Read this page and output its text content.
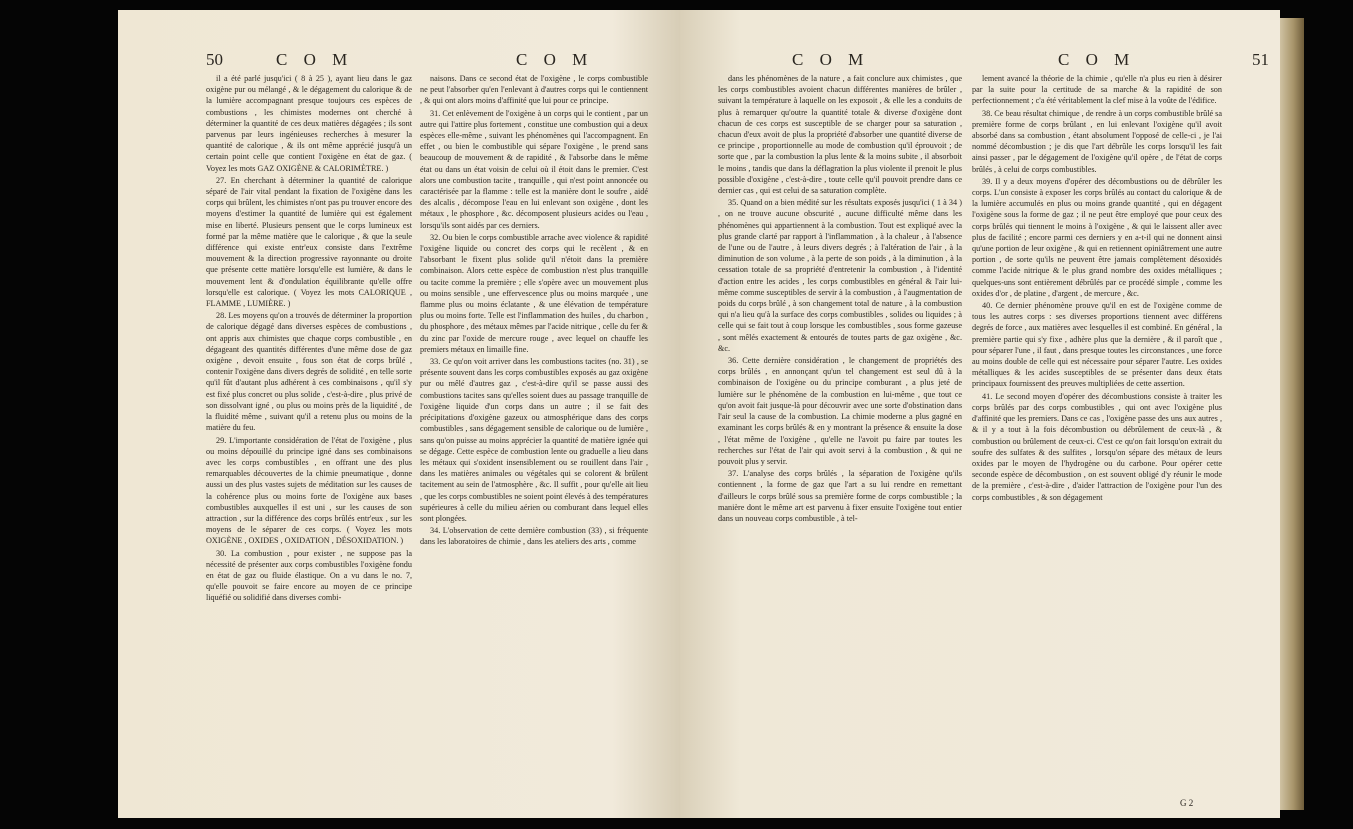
50	C O M	C O M

il a été parlé jusqu'ici ( 8 à 25 ), ayant lieu dans le gaz oxigène pur ou mélangé , & le dégagement du calorique & de la lumière accompagnant presque toujours ces espèces de combustions , les chimistes modernes ont cherché à déterminer la quantité de ces deux matières dégagées ; ils sont parvenus par leurs ingénieuses recherches à mesurer la quantité de calorique , & ils ont même apprécié jusqu'à un certain point celle que contient l'oxigène en état de gaz. ( Voyez les mots GAZ OXIGÈNE & CALORIMÈTRE. )

27. En cherchant à déterminer la quantité de calorique séparé de l'air vital pendant la fixation de l'oxigène dans les corps qui brûlent, les chimistes n'ont pas pu trouver encore des moyens d'estimer la quantité de lumière qui est également mise en liberté. Plusieurs pensent que le corps lumineux est formé par la même matière que le calorique , & que la seule différence qui existe entr'eux consiste dans l'extrême mouvement & la direction progressive rayonnante ou droite que présente cette matière lorsqu'elle est lumière, & dans le mouvement lent & d'ondulation équilibrante qu'elle offre lorsqu'elle est calorique. ( Voyez les mots CALORIQUE , FLAMME , LUMIÈRE. )

28. Les moyens qu'on a trouvés de déterminer la proportion de calorique dégagé dans diverses espèces de combustions , ont appris aux chimistes que chaque corps combustible , en dégageant des quantités différentes d'une même dose de gaz oxigène , devoit ensuite , fous son état de corps brûlé , contenir l'oxigène dans divers degrés de solidité , en telle sorte qu'il fût d'autant plus adhérent à ces combinaisons , qu'il s'y est fixé plus concret ou plus solide , c'est-à-dire , plus privé de son dissolvant igné , ou plus ou moins près de la liquidité , de la fluidité même , suivant qu'il a retenu plus ou moins de la matière du feu.

29. L'importante considération de l'état de l'oxigène , plus ou moins dépouillé du principe igné dans ses combinaisons avec les corps combustibles , en offrant une des plus remarquables découvertes de la chimie pneumatique , donne aussi un des plus vastes sujets de méditation sur les causes de la cohérence plus ou moins forte de l'oxigène aux bases combustibles auxquelles il est uni , sur les causes de son attraction , sur la différence des corps brûlés entr'eux , sur les moyens de le séparer de ces corps. ( Voyez les mots OXIGÈNE , OXIDES , OXIDATION , DÉSOXIDATION. )

30. La combustion , pour exister , ne suppose pas la nécessité de présenter aux corps combustibles l'oxigène fondu en état de gaz ou fluide élastique. On a vu dans le no. 7, qu'elle pouvoit se faire encore au moyen de ce principe liquéfié ou solidifié dans diverses combi-

naisons. Dans ce second état de l'oxigène , le corps combustible ne peut l'absorber qu'en l'enlevant à d'autres corps qui le contiennent , & qui ont alors moins d'affinité que lui pour ce principe.

31. Cet enlèvement de l'oxigène à un corps qui le contient , par un autre qui l'attire plus fortement , constitue une combustion qui a deux espèces elle-même , suivant les phénomènes qui l'accompagnent. En effet , ou bien le combustible qui sépare l'oxigène , le prend sans beaucoup de mouvement & de rapidité , & l'absorbe dans le même état ou dans un état voisin de celui où il étoit dans le premier. C'est alors une combustion tacite , tranquille , qui n'est point annoncée ou caractérisée par la flamme : telle est la manière dont le soufre , aidé des alcalis , décompose l'eau en lui enlevant son oxigène , dont les métaux , le phosphore , &c. décomposent plusieurs acides ou l'eau , lorsqu'ils sont aidés par ces derniers.

32. Ou bien le corps combustible arrache avec violence & rapidité l'oxigène liquide ou concret des corps qui le recèlent , & en l'absorbant le fixent plus solide qu'il n'étoit dans la première combinaison. Alors cette espèce de combustion n'est plus tranquille ou tacite comme la première ; elle s'opère avec un mouvement plus ou moins sensible , une effervescence plus ou moins marquée , une flamme plus ou moins éclatante , & une élévation de température plus ou moins forte. Telle est l'inflammation des huiles , du charbon , du phosphore , des métaux mêmes par l'acide nitrique , celle du fer & du zinc par l'oxide de mercure rouge , avec lequel on chauffe les premiers métaux en limaille fine.

33. Ce qu'on voit arriver dans les combustions tacites (no. 31) , se présente souvent dans les corps combustibles exposés au gaz oxigène pur ou mêlé d'autres gaz , c'est-à-dire qu'il se passe aussi des combustions tacites sans qu'elles soient dues au passage tranquille de l'oxigène liquide d'un corps dans un autre ; il se fait des précipitations d'oxigène gazeux ou atmosphérique dans des corps combustibles , sans dégagement sensible de calorique ou de lumière , sans qu'on puisse au moins apprécier la quantité de matière ignée qui se dégage. Cette espèce de combustion lente ou graduelle a lieu dans les métaux qui s'oxident insensiblement ou se rouillent dans l'air , dans les matières animales ou végétales qui se colorent & brûlent tacitement au sein de l'atmosphère , &c. Il suffit , pour qu'elle ait lieu , que les corps combustibles ne soient point élevés à des températures supérieures à celle du milieu aérien ou comburant dans lequel elles sont plongées.

34. L'observation de cette dernière combustion (33) , si fréquente dans les laboratoires de chimie , dans les ateliers des arts , comme

C O M	C O M	51

dans les phénomènes de la nature , a fait conclure aux chimistes , que les corps combustibles avoient chacun différentes manières de brûler , suivant la température à laquelle on les exposoit , & elle les a conduits de plus à remarquer qu'outre la quantité totale & diverse d'oxigène dont chacun de ces corps est susceptible de se charger pour sa saturation , chacun d'eux avoit de plus la propriété d'absorber une quantité diverse de ce principe , proportionnelle au mode de combustion qu'il éprouvoit ; de sorte que , par la combustion la plus lente & la moins subite , il absorboit le moins , tandis que dans la déflagration la plus violente il prenoit le plus possible d'oxigène , c'est-à-dire , toute celle qu'il pouvoit prendre dans ce dernier cas , qui est celui de sa saturation complète.

35. Quand on a bien médité sur les résultats exposés jusqu'ici ( 1 à 34 ) , on ne trouve aucune obscurité , aucune difficulté même dans les phénomènes qui appartiennent à la combustion. Tout est expliqué avec la plus grande clarté par rapport à l'inflammation , à la chaleur , à l'absence de l'une ou de l'autre , à leurs divers degrés ; à l'altération de l'air , à la diminution de son volume , à la perte de son poids , à la diminution , à la cessation totale de sa propriété d'entretenir la combustion , à l'identité d'action entre les acides , les corps combustibles en général & l'air lui-même comme susceptibles de servir à la combustion , à l'augmentation de poids du corps brûlé , à son changement total de nature , à la combustion qui n'a lieu qu'à la surface des corps combustibles , solides ou liquides ; à celle qui se fait tout à coup lorsque les combustibles , sous forme gazeuse , sont mêlés exactement & entourés de toutes parts de gaz oxigène , &c. &c.

36. Cette dernière considération , le changement de propriétés des corps brûlés , en annonçant qu'un tel changement est seul dû à la combinaison de l'oxigène ou du principe comburant , a plus jeté de lumière sur le phénomène de la combustion en lui-même , que tout ce qu'on avoit fait jusque-là pour découvrir avec une sorte d'obstination dans l'air seul la cause de la combustion. La chimie moderne a plus gagné en examinant les corps brûlés & en y montrant la présence & ensuite la dose , l'état même de l'oxigène , qu'elle ne l'avoit pu faire par toutes les recherches sur l'état de l'air qui avoit servi à la combustion , & qui ne pouvoit plus y servir.

37. L'analyse des corps brûlés , la séparation de l'oxigène qu'ils contiennent , la forme de gaz que l'art a su lui rendre en remettant d'ailleurs le corps brûlé sous sa première forme de corps combustible ; la manière dont le même art est parvenu à fixer ensuite l'oxigène tout entier dans un nouveau corps combustible , à tel-

lement avancé la théorie de la chimie , qu'elle n'a plus eu rien à désirer par la suite pour la certitude de sa marche & la rapidité de son perfectionnement ; c'a été véritablement la clef mise à la voûte de l'édifice.

38. Ce beau résultat chimique , de rendre à un corps combustible brûlé sa première forme de corps brûlant , en lui enlevant l'oxigène qu'il avoit absorbé dans sa combustion , étant absolument l'opposé de celle-ci , je l'ai nommé décombustion ; je dis que l'art débrûle les corps lorsqu'il les fait ainsi passer , par le dégagement de l'oxigène qu'il opère , de l'état de corps brûlés , à celui de corps combustibles.

39. Il y a deux moyens d'opérer des décombustions ou de débrûler les corps. L'un consiste à exposer les corps brûlés au contact du calorique & de la lumière accumulés en plus ou moins grande quantité , qui en dégagent l'oxigène sous la forme de gaz ; il ne peut être employé que pour ceux des corps brûlés qui tiennent le moins à l'oxigène , & qui le laissent aller avec plus de facilité ; encore parmi ces derniers y en a-t-il qui ne donnent ainsi qu'une portion de leur oxigène , & qui en retiennent opiniâtrement une autre portion , de sorte qu'ils ne peuvent être jamais complètement désoxidés comme l'acide nitrique & le plus grand nombre des oxides métalliques ; quelques-uns sont entièrement débrûlés par ce procédé simple , comme les oxides d'or , de platine , d'argent , de mercure , &c.

40. Ce dernier phénomène prouve qu'il en est de l'oxigène comme de tous les autres corps : ses diverses proportions tiennent avec différens degrés de force , aux matières avec lesquelles il est combiné. En général , la première partie qui s'y fixe , adhère plus que la dernière , & il paroît que , pour séparer l'une , il faut , dans presque toutes les circonstances , une force au moins double de celle qui est nécessaire pour séparer l'autre. Les oxides métalliques & les acides susceptibles de se présenter dans deux états principaux fournissent des preuves multipliées de cette assertion.

41. Le second moyen d'opérer des décombustions consiste à traiter les corps brûlés par des corps combustibles , qui ont avec l'oxigène plus d'affinité que les premiers. Dans ce cas , l'oxigène passe des uns aux autres , & il y a tout à la fois décombustion ou débrûlement de ceux-là , & combustion ou brûlement de ceux-ci. C'est ce qu'on fait lorsqu'on extrait du soufre des sulfates & des sulfites , lorsqu'on sépare des métaux de leurs oxides par le moyen de l'hydrogène ou du carbone. Pour opérer cette seconde espèce de décombustion , on est souvent obligé d'y réunir le mode de la première , c'est-à-dire , d'aider l'attraction de l'oxigène pour l'un des corps combustibles , & son dégagement

G 2
